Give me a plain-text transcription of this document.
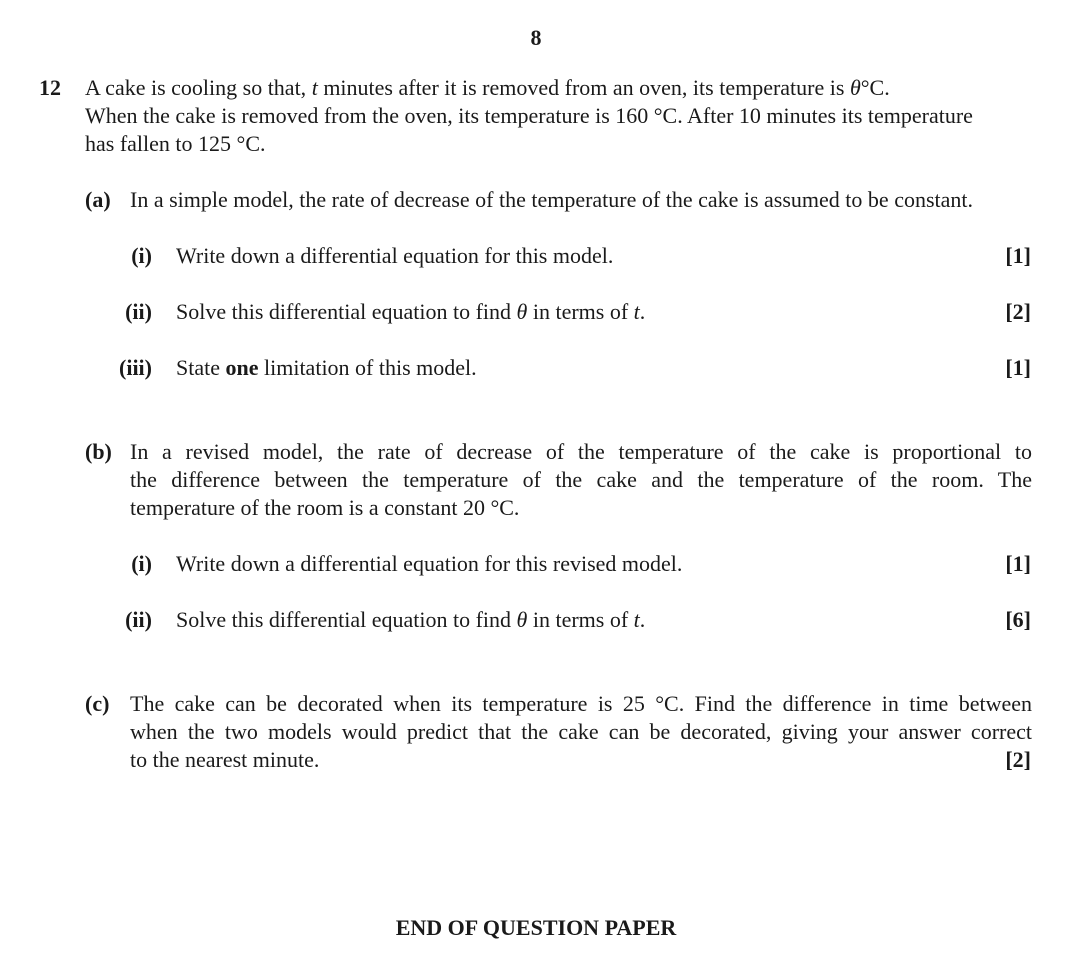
8
12 A cake is cooling so that, t minutes after it is removed from an oven, its temperature is θ°C.
When the cake is removed from the oven, its temperature is 160 °C. After 10 minutes its temperature
has fallen to 125 °C.
(a) In a simple model, the rate of decrease of the temperature of the cake is assumed to be constant.
(i) Write down a differential equation for this model.	[1]
(ii) Solve this differential equation to find θ in terms of t.	[2]
(iii) State one limitation of this model.	[1]
(b) In a revised model, the rate of decrease of the temperature of the cake is proportional to
the difference between the temperature of the cake and the temperature of the room. The
temperature of the room is a constant 20 °C.
(i) Write down a differential equation for this revised model.	[1]
(ii) Solve this differential equation to find θ in terms of t.	[6]
(c) The cake can be decorated when its temperature is 25 °C. Find the difference in time between
when the two models would predict that the cake can be decorated, giving your answer correct
to the nearest minute.	[2]
END OF QUESTION PAPER
